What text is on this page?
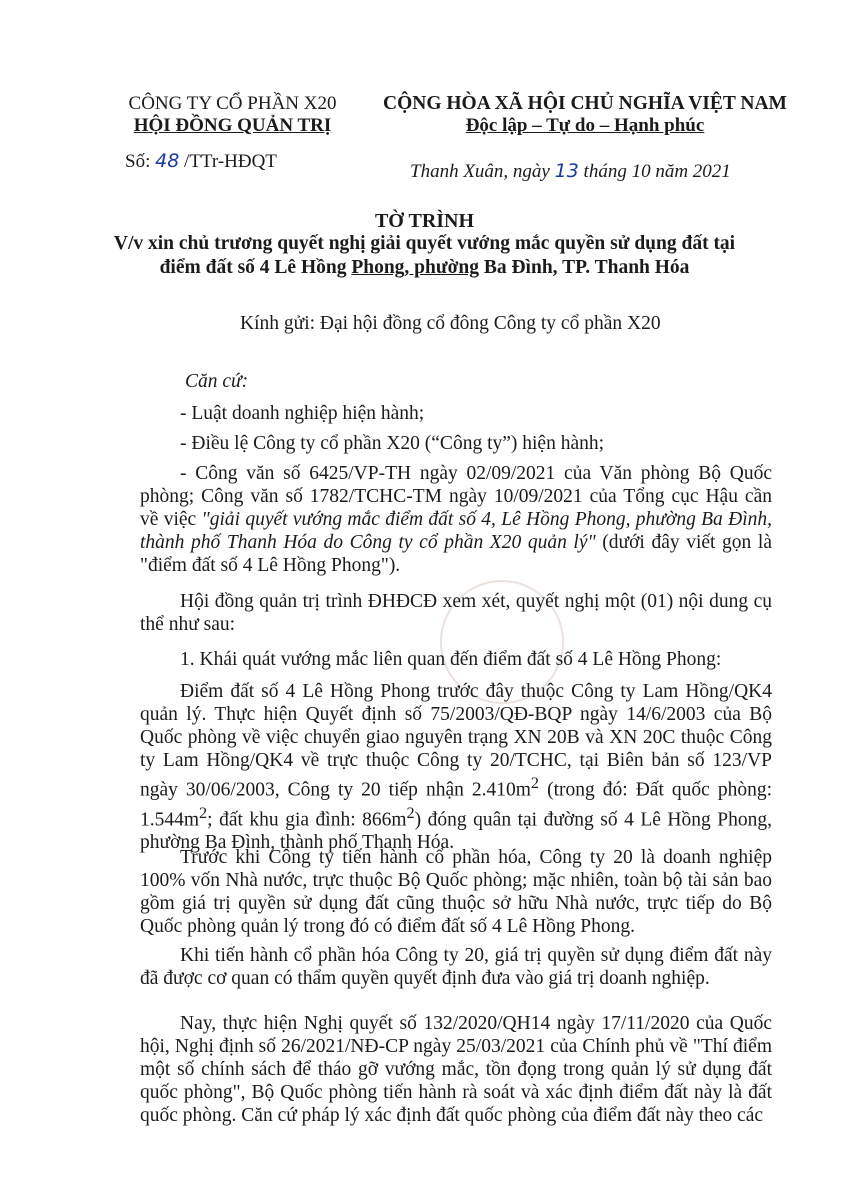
CÔNG TY CỔ PHẦN X20
HỘI ĐỒNG QUẢN TRỊ
Số: 48 /TTr-HĐQT
CỘNG HÒA XÃ HỘI CHỦ NGHĨA VIỆT NAM
Độc lập – Tự do – Hạnh phúc
Thanh Xuân, ngày 13 tháng 10 năm 2021
TỜ TRÌNH
V/v xin chủ trương quyết nghị giải quyết vướng mắc quyền sử dụng đất tại
điểm đất số 4 Lê Hồng Phong, phường Ba Đình, TP. Thanh Hóa
Kính gửi: Đại hội đồng cổ đông Công ty cổ phần X20
Căn cứ:
- Luật doanh nghiệp hiện hành;
- Điều lệ Công ty cổ phần X20 (“Công ty”) hiện hành;
- Công văn số 6425/VP-TH ngày 02/09/2021 của Văn phòng Bộ Quốc phòng; Công văn số 1782/TCHC-TM ngày 10/09/2021 của Tổng cục Hậu cần về việc "giải quyết vướng mắc điểm đất số 4, Lê Hồng Phong, phường Ba Đình, thành phố Thanh Hóa do Công ty cổ phần X20 quản lý" (dưới đây viết gọn là "điểm đất số 4 Lê Hồng Phong").
Hội đồng quản trị trình ĐHĐCĐ xem xét, quyết nghị một (01) nội dung cụ thể như sau:
1. Khái quát vướng mắc liên quan đến điểm đất số 4 Lê Hồng Phong:
Điểm đất số 4 Lê Hồng Phong trước đây thuộc Công ty Lam Hồng/QK4 quản lý. Thực hiện Quyết định số 75/2003/QĐ-BQP ngày 14/6/2003 của Bộ Quốc phòng về việc chuyển giao nguyên trạng XN 20B và XN 20C thuộc Công ty Lam Hồng/QK4 về trực thuộc Công ty 20/TCHC, tại Biên bản số 123/VP ngày 30/06/2003, Công ty 20 tiếp nhận $2.410m^2$ (trong đó: Đất quốc phòng: $1.544m^2$; đất khu gia đình: $866m^2$) đóng quân tại đường số 4 Lê Hồng Phong, phường Ba Đình, thành phố Thanh Hóa.
Trước khi Công ty tiến hành cổ phần hóa, Công ty 20 là doanh nghiệp 100% vốn Nhà nước, trực thuộc Bộ Quốc phòng; mặc nhiên, toàn bộ tài sản bao gồm giá trị quyền sử dụng đất cũng thuộc sở hữu Nhà nước, trực tiếp do Bộ Quốc phòng quản lý trong đó có điểm đất số 4 Lê Hồng Phong.
Khi tiến hành cổ phần hóa Công ty 20, giá trị quyền sử dụng điểm đất này đã được cơ quan có thẩm quyền quyết định đưa vào giá trị doanh nghiệp.
Nay, thực hiện Nghị quyết số 132/2020/QH14 ngày 17/11/2020 của Quốc hội, Nghị định số 26/2021/NĐ-CP ngày 25/03/2021 của Chính phủ về "Thí điểm một số chính sách để tháo gỡ vướng mắc, tồn đọng trong quản lý sử dụng đất quốc phòng", Bộ Quốc phòng tiến hành rà soát và xác định điểm đất này là đất quốc phòng. Căn cứ pháp lý xác định đất quốc phòng của điểm đất này theo các
